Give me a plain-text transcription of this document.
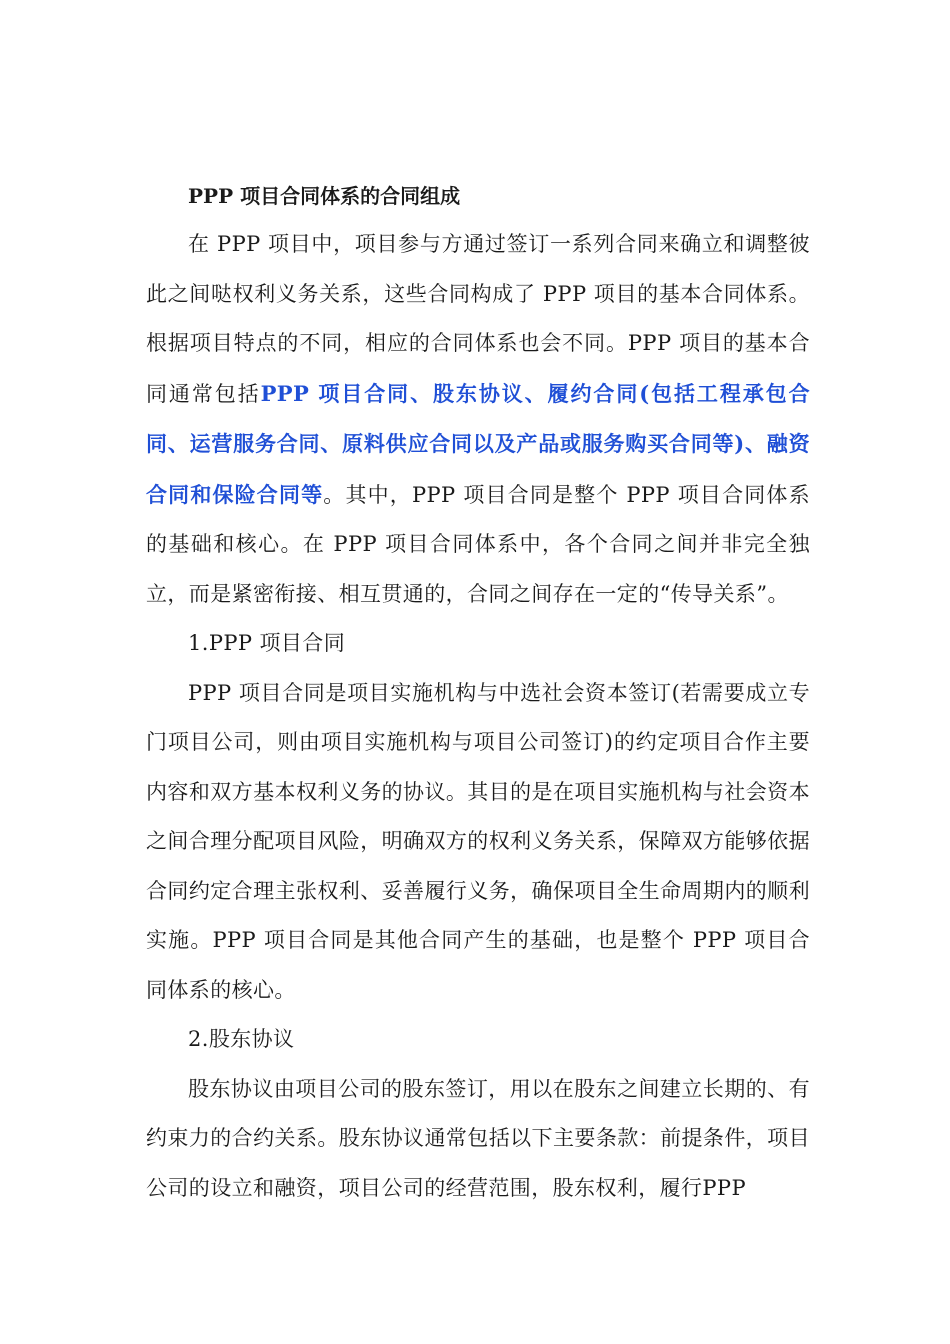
PPP 项目合同体系的合同组成

在 PPP 项目中，项目参与方通过签订一系列合同来确立和调整彼此之间哒权利义务关系，这些合同构成了 PPP 项目的基本合同体系。根据项目特点的不同，相应的合同体系也会不同。PPP 项目的基本合同通常包括PPP 项目合同、股东协议、履约合同(包括工程承包合同、运营服务合同、原料供应合同以及产品或服务购买合同等)、融资合同和保险合同等。其中，PPP 项目合同是整个 PPP 项目合同体系的基础和核心。在 PPP 项目合同体系中，各个合同之间并非完全独立，而是紧密衔接、相互贯通的，合同之间存在一定的“传导关系”。

1.PPP 项目合同

PPP 项目合同是项目实施机构与中选社会资本签订(若需要成立专门项目公司，则由项目实施机构与项目公司签订)的约定项目合作主要内容和双方基本权利义务的协议。其目的是在项目实施机构与社会资本之间合理分配项目风险，明确双方的权利义务关系，保障双方能够依据合同约定合理主张权利、妥善履行义务，确保项目全生命周期内的顺利实施。PPP 项目合同是其他合同产生的基础，也是整个 PPP 项目合同体系的核心。

2.股东协议

股东协议由项目公司的股东签订，用以在股东之间建立长期的、有约束力的合约关系。股东协议通常包括以下主要条款：前提条件，项目公司的设立和融资，项目公司的经营范围，股东权利，履行PPP
